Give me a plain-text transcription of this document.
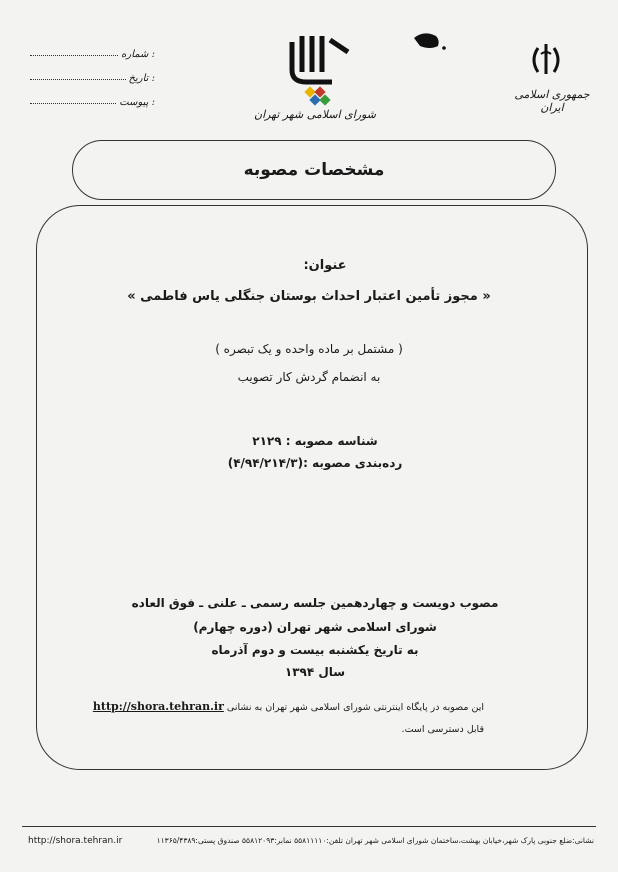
شماره :
تاریخ :
پیوست :
شورای اسلامی شهر تهران
جمهوری اسلامی ایران
مشخصات مصوبه
عنوان:
« مجوز تأمین اعتبار احداث بوستان جنگلی یاس فاطمی »
( مشتمل بر ماده واحده و یک تبصره )
به انضمام گردش کار تصویب
شناسه مصوبه : ۲۱۲۹
رده‌بندی مصوبه :(۴/۹۴/۲۱۴/۳)
مصوب دویست و چهاردهمین جلسه رسمی ـ علنی ـ فوق العاده
شورای اسلامی شهر تهران (دوره چهارم)
به تاریخ یکشنبه بیست و دوم آذرماه
سال ۱۳۹۴
این مصوبه در پایگاه اینترنتی شورای اسلامی شهر تهران به نشانی http://shora.tehran.ir
قابل دسترسی است.
http://shora.tehran.ir	نشانی:ضلع جنوبی پارک شهر،خیابان بهشت،ساختمان شورای اسلامی شهر تهران تلفن:۵۵۸۱۱۱۱۰ نمابر:۵۵۸۱۲۰۹۳ صندوق پستی:۱۱۳۶۵/۴۳۸۹
